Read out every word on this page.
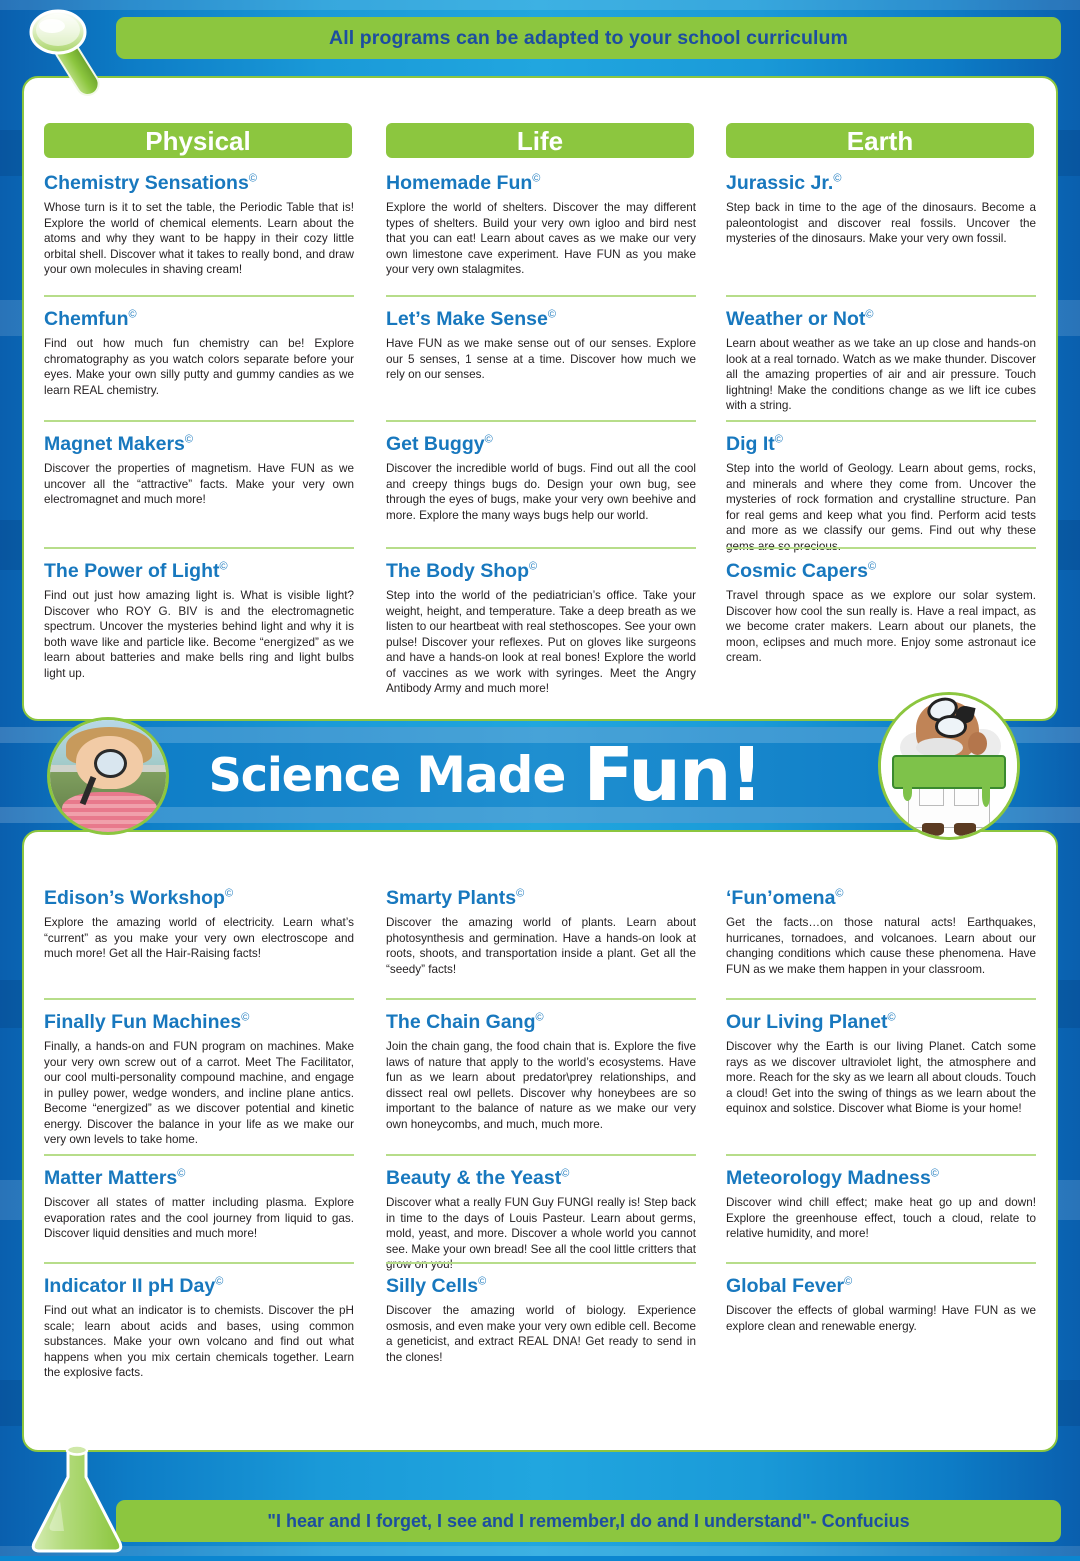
All programs can be adapted to your school curriculum
Physical	Life	Earth
Chemistry Sensations©
Whose turn is it to set the table, the Periodic Table that is! Explore the world of chemical elements. Learn about the atoms and why they want to be happy in their cozy little orbital shell. Discover what it takes to really bond, and draw your own molecules in shaving cream!
Chemfun©
Find out how much fun chemistry can be! Explore chromatography as you watch colors separate before your eyes. Make your own silly putty and gummy candies as we learn REAL chemistry.
Magnet Makers©
Discover the properties of magnetism. Have FUN as we uncover all the “attractive” facts. Make your very own electromagnet and much more!
The Power of Light©
Find out just how amazing light is. What is visible light? Discover who ROY G. BIV is and the electromagnetic spectrum. Uncover the mysteries behind light and why it is both wave like and particle like. Become “energized” as we learn about batteries and make bells ring and light bulbs light up.
Homemade Fun©
Explore the world of shelters. Discover the may different types of shelters. Build your very own igloo and bird nest that you can eat! Learn about caves as we make our very own limestone cave experiment. Have FUN as you make your very own stalagmites.
Let’s Make Sense©
Have FUN as we make sense out of our senses. Explore our 5 senses, 1 sense at a time. Discover how much we rely on our senses.
Get Buggy©
Discover the incredible world of bugs. Find out all the cool and creepy things bugs do. Design your own bug, see through the eyes of bugs, make your very own beehive and more. Explore the many ways bugs help our world.
The Body Shop©
Step into the world of the pediatrician’s office. Take your weight, height, and temperature. Take a deep breath as we listen to our heartbeat with real stethoscopes. See your own pulse! Discover your reflexes. Put on gloves like surgeons and have a hands-on look at real bones! Explore the world of vaccines as we work with syringes. Meet the Angry Antibody Army and much more!
Jurassic Jr.©
Step back in time to the age of the dinosaurs. Become a paleontologist and discover real fossils. Uncover the mysteries of the dinosaurs. Make your very own fossil.
Weather or Not©
Learn about weather as we take an up close and hands-on look at a real tornado. Watch as we make thunder. Discover all the amazing properties of air and air pressure. Touch lightning! Make the conditions change as we lift ice cubes with a string.
Dig It©
Step into the world of Geology. Learn about gems, rocks, and minerals and where they come from. Uncover the mysteries of rock formation and crystalline structure. Pan for real gems and keep what you find. Perform acid tests and more as we classify our gems. Find out why these gems are so precious.
Cosmic Capers©
Travel through space as we explore our solar system. Discover how cool the sun really is. Have a real impact, as we become crater makers. Learn about our planets, the moon, eclipses and much more. Enjoy some astronaut ice cream.
Science Made Fun!
Edison’s Workshop©
Explore the amazing world of electricity. Learn what’s “current” as you make your very own electroscope and much more! Get all the Hair-Raising facts!
Finally Fun Machines©
Finally, a hands-on and FUN program on machines. Make your very own screw out of a carrot. Meet The Facilitator, our cool multi-personality compound machine, and engage in pulley power, wedge wonders, and incline plane antics. Become “energized” as we discover potential and kinetic energy. Discover the balance in your life as we make our very own levels to take home.
Matter Matters©
Discover all states of matter including plasma. Explore evaporation rates and the cool journey from liquid to gas. Discover liquid densities and much more!
Indicator II pH Day©
Find out what an indicator is to chemists. Discover the pH scale; learn about acids and bases, using common substances. Make your own volcano and find out what happens when you mix certain chemicals together. Learn the explosive facts.
Smarty Plants©
Discover the amazing world of plants. Learn about photosynthesis and germination. Have a hands-on look at roots, shoots, and transportation inside a plant. Get all the “seedy” facts!
The Chain Gang©
Join the chain gang, the food chain that is. Explore the five laws of nature that apply to the world’s ecosystems. Have fun as we learn about predator\prey relationships, and dissect real owl pellets. Discover why honeybees are so important to the balance of nature as we make our very own honeycombs, and much, much more.
Beauty & the Yeast©
Discover what a really FUN Guy FUNGI really is! Step back in time to the days of Louis Pasteur. Learn about germs, mold, yeast, and more. Discover a whole world you cannot see. Make your own bread! See all the cool little critters that grow on you!
Silly Cells©
Discover the amazing world of biology. Experience osmosis, and even make your very own edible cell. Become a geneticist, and extract REAL DNA! Get ready to send in the clones!
‘Fun’omena©
Get the facts…on those natural acts! Earthquakes, hurricanes, tornadoes, and volcanoes. Learn about our changing conditions which cause these phenomena. Have FUN as we make them happen in your classroom.
Our Living Planet©
Discover why the Earth is our living Planet. Catch some rays as we discover ultraviolet light, the atmosphere and more. Reach for the sky as we learn all about clouds. Touch a cloud! Get into the swing of things as we learn about the equinox and solstice. Discover what Biome is your home!
Meteorology Madness©
Discover wind chill effect; make heat go up and down! Explore the greenhouse effect, touch a cloud, relate to relative humidity, and more!
Global Fever©
Discover the effects of global warming! Have FUN as we explore clean and renewable energy.
"I hear and I forget, I see and I remember,I do and I understand"- Confucius
